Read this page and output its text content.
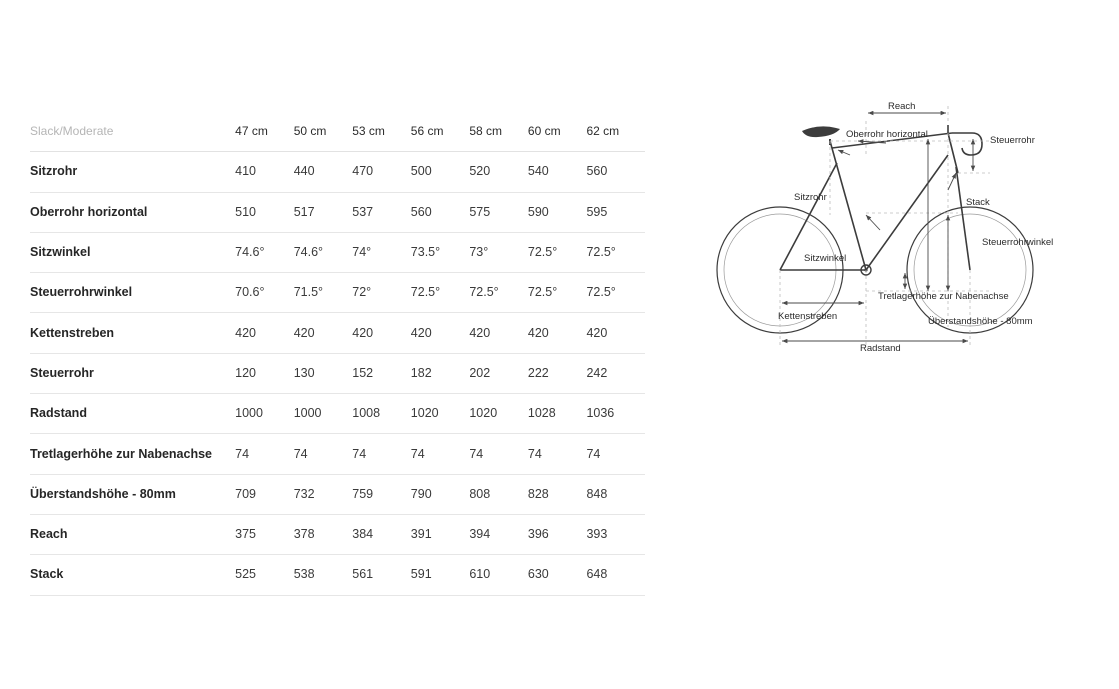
Slack/Moderate	47 cm	50 cm	53 cm	56 cm	58 cm	60 cm	62 cm
Sitzrohr	410	440	470	500	520	540	560
Oberrohr horizontal	510	517	537	560	575	590	595
Sitzwinkel	74.6°	74.6°	74°	73.5°	73°	72.5°	72.5°
Steuerrohrwinkel	70.6°	71.5°	72°	72.5°	72.5°	72.5°	72.5°
Kettenstreben	420	420	420	420	420	420	420
Steuerrohr	120	130	152	182	202	222	242
Radstand	1000	1000	1008	1020	1020	1028	1036
Tretlagerhöhe zur Nabenachse	74	74	74	74	74	74	74
Überstandshöhe - 80mm	709	732	759	790	808	828	848
Reach	375	378	384	391	394	396	393
Stack	525	538	561	591	610	630	648
Reach
Oberrohr horizontal
Steuerrohr
Sitzrohr	Stack
Sitzwinkel
Steuerrohrwinkel
Tretlagerhöhe zur Nabenachse
Kettenstreben	Überstandshöhe - 80mm
Radstand
